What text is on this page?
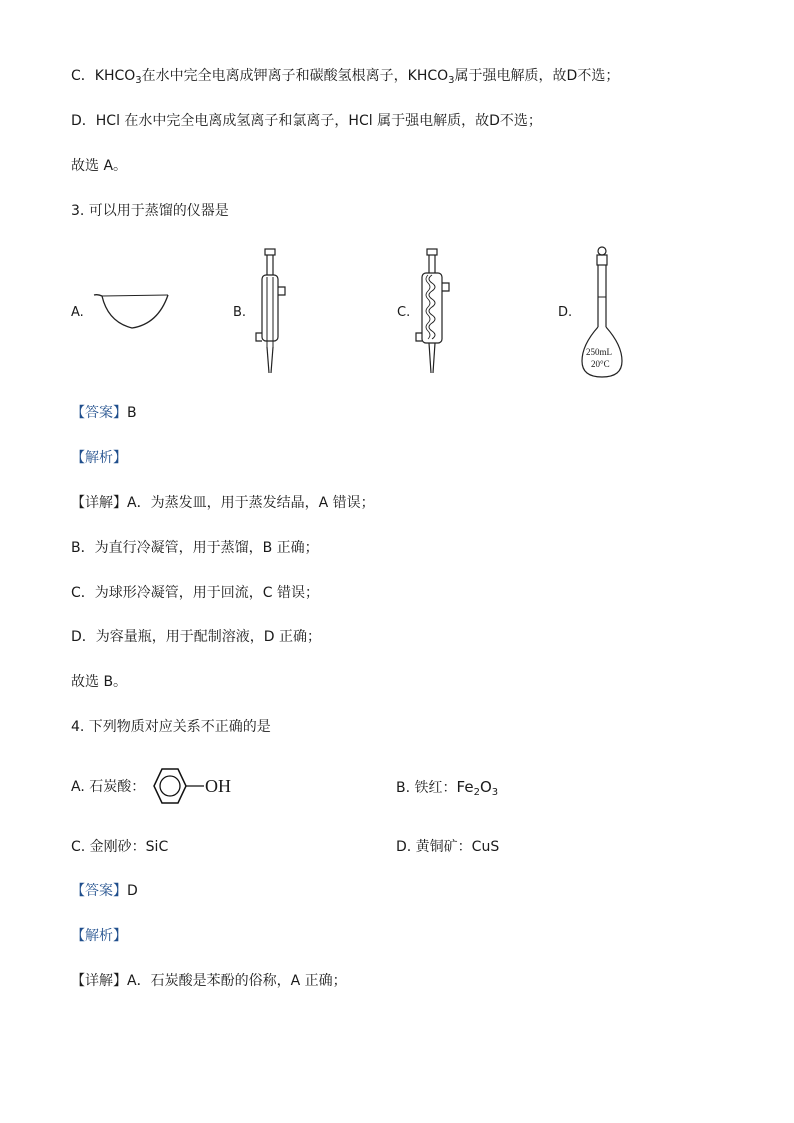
C．$KHCO_3$在水中完全电离成钾离子和碳酸氢根离子，$KHCO_3$属于强电解质，故D不选；
D．HCl 在水中完全电离成氢离子和氯离子，HCl 属于强电解质，故D不选；
故选 A。
3. 可以用于蒸馏的仪器是
A.	B.	C.	D.
250mL
20°C
【答案】B
【解析】
【详解】A．为蒸发皿，用于蒸发结晶，A 错误；
B．为直行冷凝管，用于蒸馏，B 正确；
C．为球形冷凝管，用于回流，C 错误；
D．为容量瓶，用于配制溶液，D 正确；
故选 B。
4. 下列物质对应关系不正确的是
A. 石炭酸：	OH	B. 铁红：$Fe_2O_3$
C. 金刚砂：SiC	D. 黄铜矿：CuS
【答案】D
【解析】
【详解】A．石炭酸是苯酚的俗称，A 正确；
